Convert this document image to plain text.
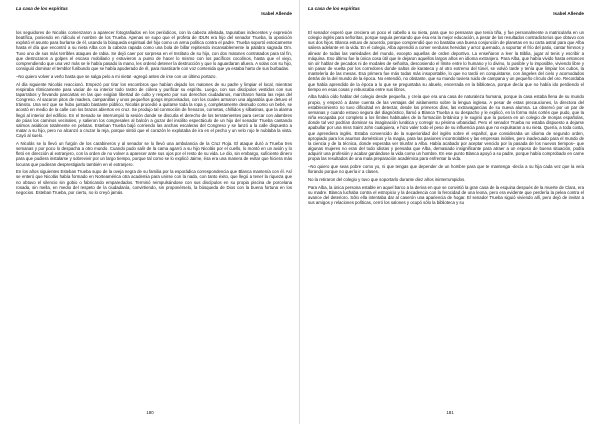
La casa de los espíritus
Isabel Allende

los seguidores de Nicolás comenzaron a aparecer fotografiados en los periódicos, con la cabeza afeitada, tapurabas indecentes y expresión beatífica, poniendo en ridículo el nombre de los Trueba. Apenas se supo que el profeta de IDUN era hijo del senador Trueba, la oposición explotó el asunto para burlarse de él, usando la búsqueda espiritual del hijo como un arma política contra el padre. Trueba soportó estoicamente hasta el día que encontró a su nieta Alba con la cabeza rapada como una bola de billar repitiendo incansablemente la palabra sagrada Om. Tuvo uno de sus más terribles ataques de rabia. Se dejó caer por sorpresa en el Instituto de su hijo, con dos matones contratados para tal fin, que destrozaron a golpes el escaso mobiliario y estuvieron a punto de hacer lo mismo con los pacíficos cocolinos, hasta que el viejo, comprendiendo que una vez más se le había pasado la mano, les ordenó detener la destrucción y que lo aguardaran afuera. A solas con su hijo, consiguió dominar el temblor furibundo que se había apoderado de él, para masticarle con voz contenida que ya estaba harto de sus burbadas.

–No quiero volver a verlo hasta que se salga pelo a mi nieta! -agregó antes de irse con un último portazo.

Al día siguiente Nicolás reaccionó. Empezó por tirar los escombros que habían dejado los matones de su padre y limpiar el local, mientras respiraba rítmicamente para vaciar de su interior todo rastro de cólera y purificar su espíritu. Luego, con sus discípulos vestidos con sus taparrabos y llevando pancartas en las que exigían libertad de culto y respeto por sus derechos ciudadanos, marcharon hasta las rejas del Congreso. Al sacaron pitos de madera, campanillas y unos pequeños gongs improvisados, con los cuales armaron una algarabía que detuvo el tránsito. Una vez que se hubo juntado bastante público, Nicolás procedió a quitarse toda la ropa y, completamente desnudo como un bebé, se acostó en medio de la calle con los brazos abiertos en cruz. Se produjo tal conmoción de frenazos, cornetas, chillidos y silbatinas, que la alarma llegó al interior del edificio. En el Senado se interrumpió la sesión donde se discutía el derecho de los terratenientes para cercar con alambres de púas los caminos vecinales, y salieron los congresales al balcón a gozar del insólito espectáculo de un hijo del senador Trueba cantando salmos asiáticos totalmente en pelotas. Esteban Trueba bajó corriendo las anchas escaleras del Congreso y se lanzó a la calle dispuesto a matar a su hijo, pero no alcanzó a cruzar la reja, porque sintió que el corazón le explotaba de ira en el pecho y un velo rojo le nublaba la vista. Cayó al suelo.

A Nicolás se lo llevó un furgón de los carabineros y al senador se lo llevó una ambulancia de la Cruz Roja. El ataque duró a Trueba tres semanas y por poco lo despacha a otro mundo. Cuando pudo salir de la cama agarró a su hijo Nicolás por el cuello, lo montó en un avión y lo fletó en dirección al extranjero, con la orden de no volver a aparecer ante sus ojos por el resto de su vida. Le dio, sin embargo, suficiente dinero para que pudiera instalarse y sobrevivir por un largo tiempo, porque tal como se lo explicó Jaime, ésa era una manera de evitar que hiciera más locuras que pudieran desprestigiarlo también en el extranjero.

En los años siguientes Esteban Trueba supo de la oveja negra de su familia por la esporádica correspondencia que Blanca mantenía con él. Así se enteró que Nicolás había formado en Norteamérica otra academia para unirse con la nada, con tanto éxito, que llegó a tener la riqueza que no obtuvo el silencio sin gobio o fabricando emparedados. Terminó reimpulsándose con sus discípulos en su propia piscina de porcelana rosada, sin mella, en medio del respeto de la ciudadanía, convirtiendo, sin proponérselo, la búsqueda de Dios con la buena fortuna en los negocios. Esteban Trueba, por cierto, no lo creyó jamás.

180
La casa de los espíritus
Isabel Allende

El senador esperó que creciera un poco el cabello a su nieta, para que no pensaran que tenía tiña, y fue personalmente a matricularla en un colegio inglés para señoritas, porque seguía pensando que ésa era la mejor educación, a pesar de los resultados contradictorios que obtuvo con sus dos hijos. Blanca estuvo de acuerdo, porque comprendió que no bastaba una buena conjunción de planetas en su carta astral para que Alba saliera adelante en la vida. En el colegio, Alba aprendió a comer verduras hervidas y arroz quemado, a soportar el frío del patio, cantar himnos y alinear de todas las variedades del mundo, excepto aquellas de orden deportivo. La enseñaron a leer la Biblia, jugar al tenis y escribir a máquina. Eso último fue la única cosa útil que le dejaron aquellos largos años en idioma extranjero. Para Alba, que había vivido hasta entonces sin oír hablar de pecados ni de modales de señorita, descosiendo el límite entre lo humano y lo divino, lo posible y lo imposible, viviendo libre y sin pasar de vuelta por los corredores donde saltos de karateca y al otro extremo del túnel, se volvió tarde y tenía que limpiar los cubos, la mantelería de las mesas. Esa primera fue más todas más insoportable, lo que no tardó en conquistarse, con ángeles del cielo y acomodados detrás de la del mundo de la época. No entendió, no obstante, que su mundo tuviera ruido de campana y un pequeño círculo del oro. Recordaba que había aprendido de la época a lo que se preguntaba su abuelo, encerrada en la biblioteca, porque decía que no había ido perdiendo el tiempo en esas cosas y rebuscaba entre sus libros.

Alba había oído hablar del colegio desde pequeña, y creía que era una casa de naturaleza humana, porque la casa estaba llena de su mundo propio, y empezó a darse cuenta de las ventajas del aislamiento sobre la lengua inglesa. A pesar de estas precauciones, la directora del establecimiento no tuvo dificultad en detectar, desde los primeros días, las extravagancias de su nueva alumna. La observó por un par de semanas y cuando estuvo segura del diagnóstico, llamó a Blanca Trueba a su despacho y le explicó, en la forma más cortés que pudo, que la niña escapaba por completo a los límites habituales de la formación británica y le sugirió que la pusiera en un colegio de monjas españolas, donde tal vez podrían dominar su imaginación lunática y corregir su pésima urbanidad. Pero el senador Trueba no estaba dispuesto a dejarse apabullar por una miss Saint John cualquiera, e hizo valer todo el peso de su influencia para que no expulsaran a su nieta. Quería, a toda costa, que aprendiera inglés. Estaba convencido de la superioridad del inglés sobre el español, que consideraba un idioma de segundo orden, apropiado para los asuntos domésticos y la magia, para las pasiones incontrolables y las empresas inútiles, pero inadecuado para el mundo de la ciencia y de la técnica, donde esperaba ver triunfar a Alba. Había acabado por aceptar vencido por la pasada de los nuevos tiempos– que algunas mujeres no eran del todo idiotas y pensaba que Alba, demasiado insignificante para atraer a un esposo de buena situación, podía adquirir una profesión y acabar ganándose la vida como un hombre. En ese punto Blanca apoyó a su padre, porque había comprobado en carne propia las resultados de una mala preparación académica para enfrentar la vida.

–No quiero que seas pobre como yo, ni que tengas que depender de un hombre para que te mantenga -decía a su hija cada vez que la veía llorando porque no quería ir a clases.

No la retiraron del colegio y tuvo que soportarlo durante diez años ininterrumpidos.

Para Alba, la única persona estable en aquel barco a la deriva en que se convirtió la gran casa de la esquina después de la muerte de Clara, era su madre. Blanca luchaba contra el estropicio y la decadencia con la ferocidad de una leona, pero era evidente que perdería la pelea contra el avance del deterioro. Sólo ella intentaba dar al caserón una apariencia de hogar. El senador Trueba siguió viviendo allí, pero dejó de invitar a sus amigos y relaciones políticas, cerró los salones y ocupó sólo la biblioteca y su

181
